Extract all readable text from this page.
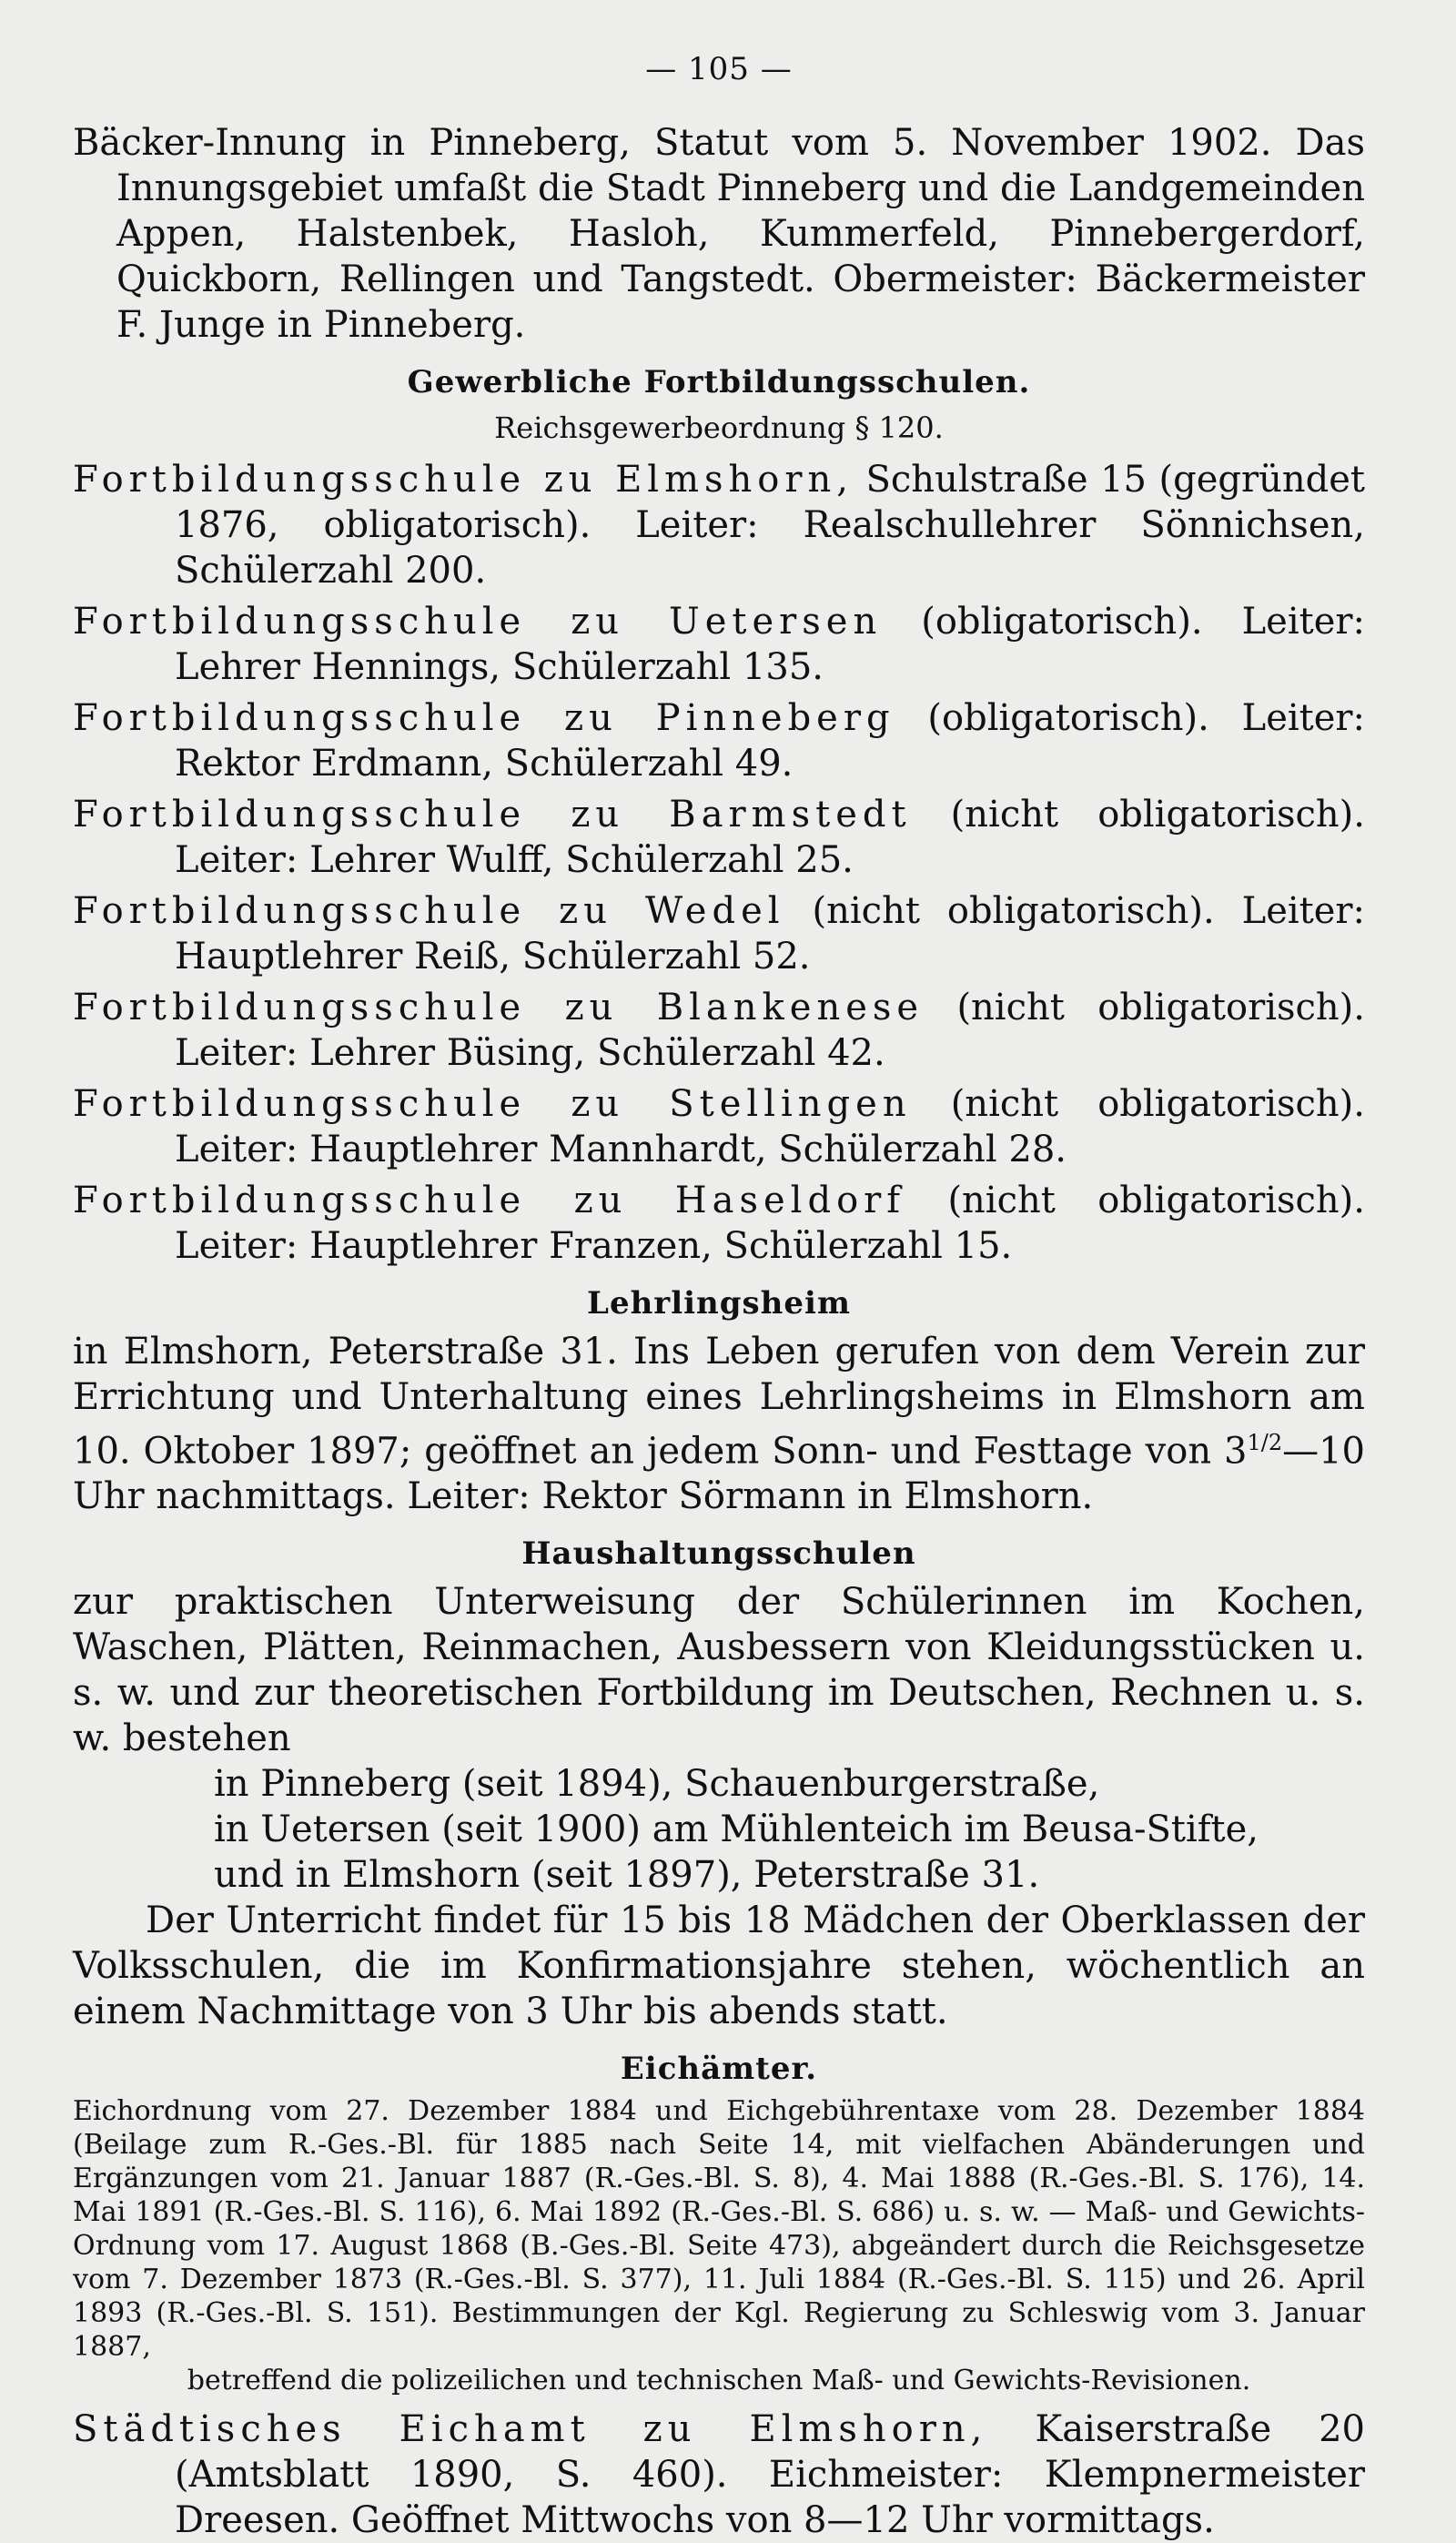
— 105 —

Bäcker-Innung in Pinneberg, Statut vom 5. November 1902. Das Innungsgebiet umfaßt die Stadt Pinneberg und die Landgemeinden Appen, Halstenbek, Hasloh, Kummerfeld, Pinnebergerdorf, Quickborn, Rellingen und Tangstedt. Obermeister: Bäckermeister F. Junge in Pinneberg.

Gewerbliche Fortbildungsschulen.
Reichsgewerbeordnung § 120.

Fortbildungsschule zu Elmshorn, Schulstraße 15 (gegründet 1876, obligatorisch). Leiter: Realschullehrer Sönnichsen, Schülerzahl 200.

Fortbildungsschule zu Uetersen (obligatorisch). Leiter: Lehrer Hennings, Schülerzahl 135.

Fortbildungsschule zu Pinneberg (obligatorisch). Leiter: Rektor Erdmann, Schülerzahl 49.

Fortbildungsschule zu Barmstedt (nicht obligatorisch). Leiter: Lehrer Wulff, Schülerzahl 25.

Fortbildungsschule zu Wedel (nicht obligatorisch). Leiter: Hauptlehrer Reiß, Schülerzahl 52.

Fortbildungsschule zu Blankenese (nicht obligatorisch). Leiter: Lehrer Büsing, Schülerzahl 42.

Fortbildungsschule zu Stellingen (nicht obligatorisch). Leiter: Hauptlehrer Mannhardt, Schülerzahl 28.

Fortbildungsschule zu Haseldorf (nicht obligatorisch). Leiter: Hauptlehrer Franzen, Schülerzahl 15.

Lehrlingsheim

in Elmshorn, Peterstraße 31. Ins Leben gerufen von dem Verein zur Errichtung und Unterhaltung eines Lehrlingsheims in Elmshorn am 10. Oktober 1897; geöffnet an jedem Sonn- und Festtage von $3^{1/2}—10$ Uhr nachmittags. Leiter: Rektor Sörmann in Elmshorn.

Haushaltungsschulen

zur praktischen Unterweisung der Schülerinnen im Kochen, Waschen, Plätten, Reinmachen, Ausbessern von Kleidungsstücken u. s. w. und zur theoretischen Fortbildung im Deutschen, Rechnen u. s. w. bestehen

in Pinneberg (seit 1894), Schauenburgerstraße,
in Uetersen (seit 1900) am Mühlenteich im Beusa-Stifte,
und in Elmshorn (seit 1897), Peterstraße 31.

Der Unterricht findet für 15 bis 18 Mädchen der Oberklassen der Volksschulen, die im Konfirmationsjahre stehen, wöchentlich an einem Nachmittage von 3 Uhr bis abends statt.

Eichämter.

Eichordnung vom 27. Dezember 1884 und Eichgebührentaxe vom 28. Dezember 1884 (Beilage zum R.-Ges.-Bl. für 1885 nach Seite 14, mit vielfachen Abänderungen und Ergänzungen vom 21. Januar 1887 (R.-Ges.-Bl. S. 8), 4. Mai 1888 (R.-Ges.-Bl. S. 176), 14. Mai 1891 (R.-Ges.-Bl. S. 116), 6. Mai 1892 (R.-Ges.-Bl. S. 686) u. s. w. — Maß- und Gewichts-Ordnung vom 17. August 1868 (B.-Ges.-Bl. Seite 473), abgeändert durch die Reichsgesetze vom 7. Dezember 1873 (R.-Ges.-Bl. S. 377), 11. Juli 1884 (R.-Ges.-Bl. S. 115) und 26. April 1893 (R.-Ges.-Bl. S. 151). Bestimmungen der Kgl. Regierung zu Schleswig vom 3. Januar 1887,

betreffend die polizeilichen und technischen Maß- und Gewichts-Revisionen.

Städtisches Eichamt zu Elmshorn, Kaiserstraße 20 (Amtsblatt 1890, S. 460). Eichmeister: Klempnermeister Dreesen. Geöffnet Mittwochs von 8—12 Uhr vormittags.
